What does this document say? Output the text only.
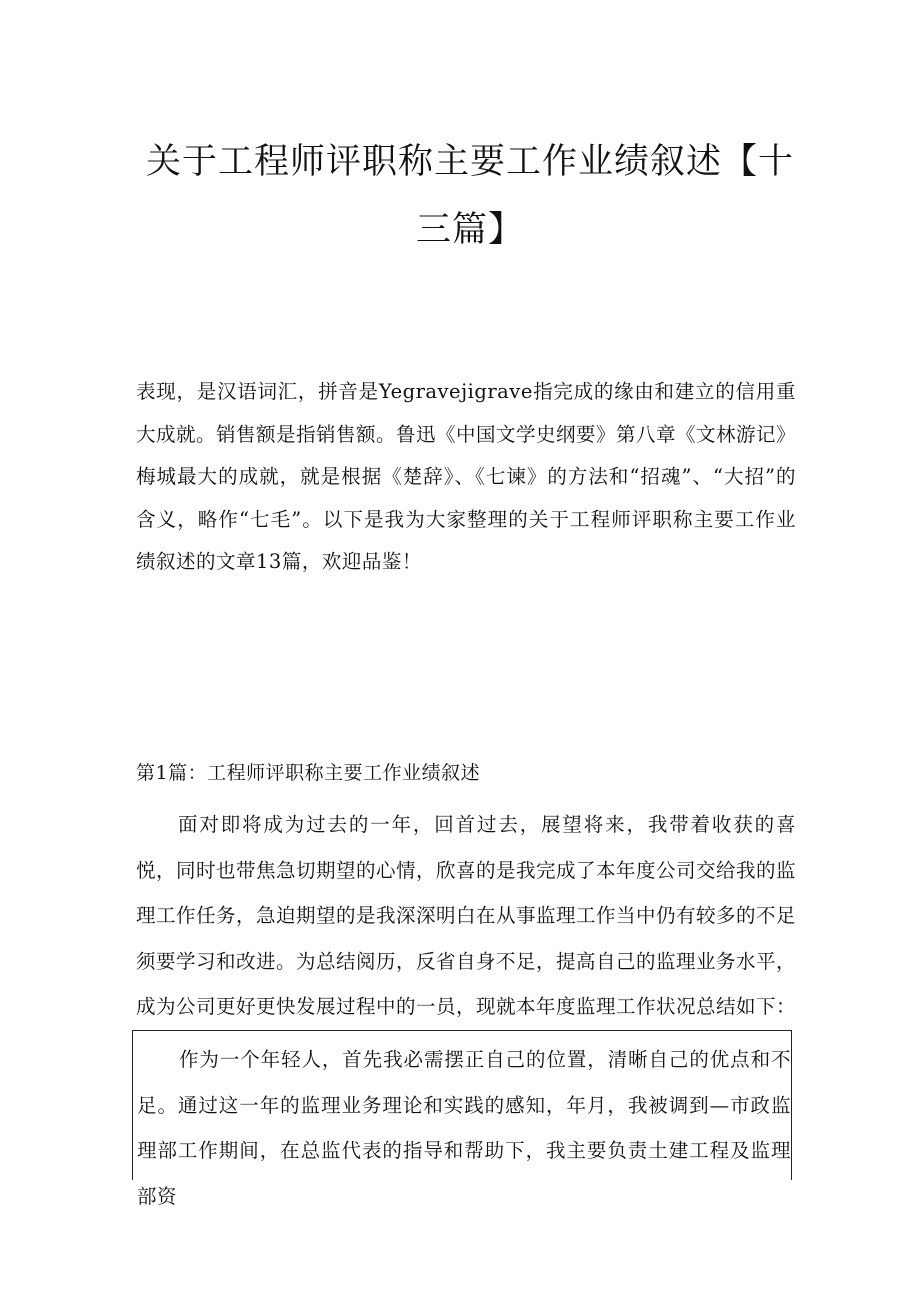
关于工程师评职称主要工作业绩叙述【十三篇】

表现，是汉语词汇，拼音是Yegravejigrave指完成的缘由和建立的信用重大成就。销售额是指销售额。鲁迅《中国文学史纲要》第八章《文林游记》梅城最大的成就，就是根据《楚辞》、《七谏》的方法和“招魂”、“大招”的含义，略作“七毛”。以下是我为大家整理的关于工程师评职称主要工作业绩叙述的文章13篇，欢迎品鉴！

第1篇：工程师评职称主要工作业绩叙述

面对即将成为过去的一年，回首过去，展望将来，我带着收获的喜悦，同时也带焦急切期望的心情，欣喜的是我完成了本年度公司交给我的监理工作任务，急迫期望的是我深深明白在从事监理工作当中仍有较多的不足须要学习和改进。为总结阅历，反省自身不足，提高自己的监理业务水平，成为公司更好更快发展过程中的一员，现就本年度监理工作状况总结如下：

作为一个年轻人，首先我必需摆正自己的位置，清晰自己的优点和不足。通过这一年的监理业务理论和实践的感知，年月，我被调到—市政监理部工作期间，在总监代表的指导和帮助下，我主要负责土建工程及监理部资
